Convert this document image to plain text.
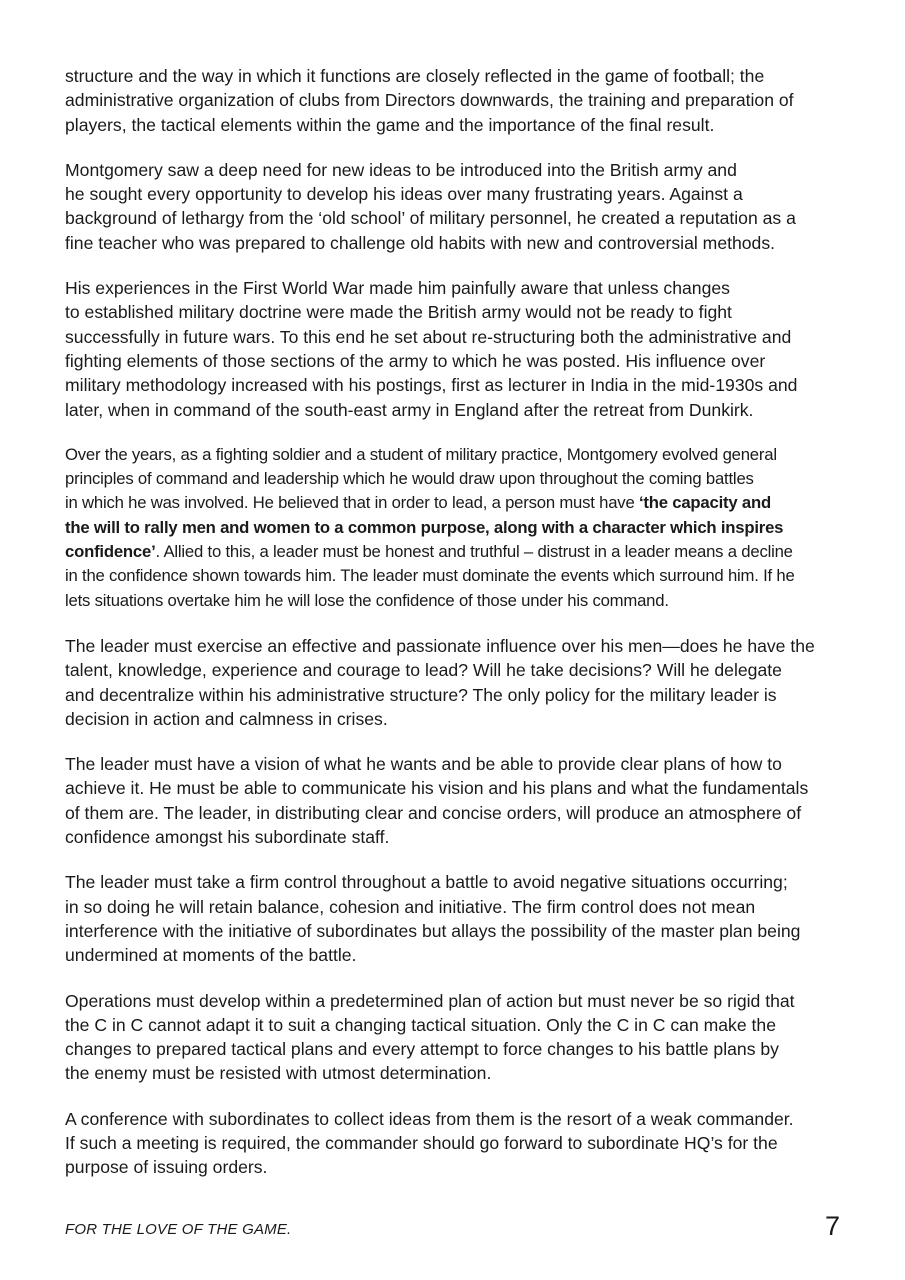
structure and the way in which it functions are closely reflected in the game of football; the
administrative organization of clubs from Directors downwards, the training and preparation of
players, the tactical elements within the game and the importance of the final result.

Montgomery saw a deep need for new ideas to be introduced into the British army and
he sought every opportunity to develop his ideas over many frustrating years. Against a
background of lethargy from the ‘old school’ of military personnel, he created a reputation as a
fine teacher who was prepared to challenge old habits with new and controversial methods.

His experiences in the First World War made him painfully aware that unless changes
to established military doctrine were made the British army would not be ready to fight
successfully in future wars. To this end he set about re-structuring both the administrative and
fighting elements of those sections of the army to which he was posted. His influence over
military methodology increased with his postings, first as lecturer in India in the mid-1930s and
later, when in command of the south-east army in England after the retreat from Dunkirk.

Over the years, as a fighting soldier and a student of military practice, Montgomery evolved general
principles of command and leadership which he would draw upon throughout the coming battles
in which he was involved. He believed that in order to lead, a person must have ‘the capacity and
the will to rally men and women to a common purpose, along with a character which inspires
confidence’. Allied to this, a leader must be honest and truthful – distrust in a leader means a decline
in the confidence shown towards him. The leader must dominate the events which surround him. If he
lets situations overtake him he will lose the confidence of those under his command.

The leader must exercise an effective and passionate influence over his men—does he have the
talent, knowledge, experience and courage to lead? Will he take decisions? Will he delegate
and decentralize within his administrative structure? The only policy for the military leader is
decision in action and calmness in crises.

The leader must have a vision of what he wants and be able to provide clear plans of how to
achieve it. He must be able to communicate his vision and his plans and what the fundamentals
of them are. The leader, in distributing clear and concise orders, will produce an atmosphere of
confidence amongst his subordinate staff.

The leader must take a firm control throughout a battle to avoid negative situations occurring;
in so doing he will retain balance, cohesion and initiative. The firm control does not mean
interference with the initiative of subordinates but allays the possibility of the master plan being
undermined at moments of the battle.

Operations must develop within a predetermined plan of action but must never be so rigid that
the C in C cannot adapt it to suit a changing tactical situation. Only the C in C can make the
changes to prepared tactical plans and every attempt to force changes to his battle plans by
the enemy must be resisted with utmost determination.

A conference with subordinates to collect ideas from them is the resort of a weak commander.
If such a meeting is required, the commander should go forward to subordinate HQ’s for the
purpose of issuing orders.

FOR THE LOVE OF THE GAME.	7
